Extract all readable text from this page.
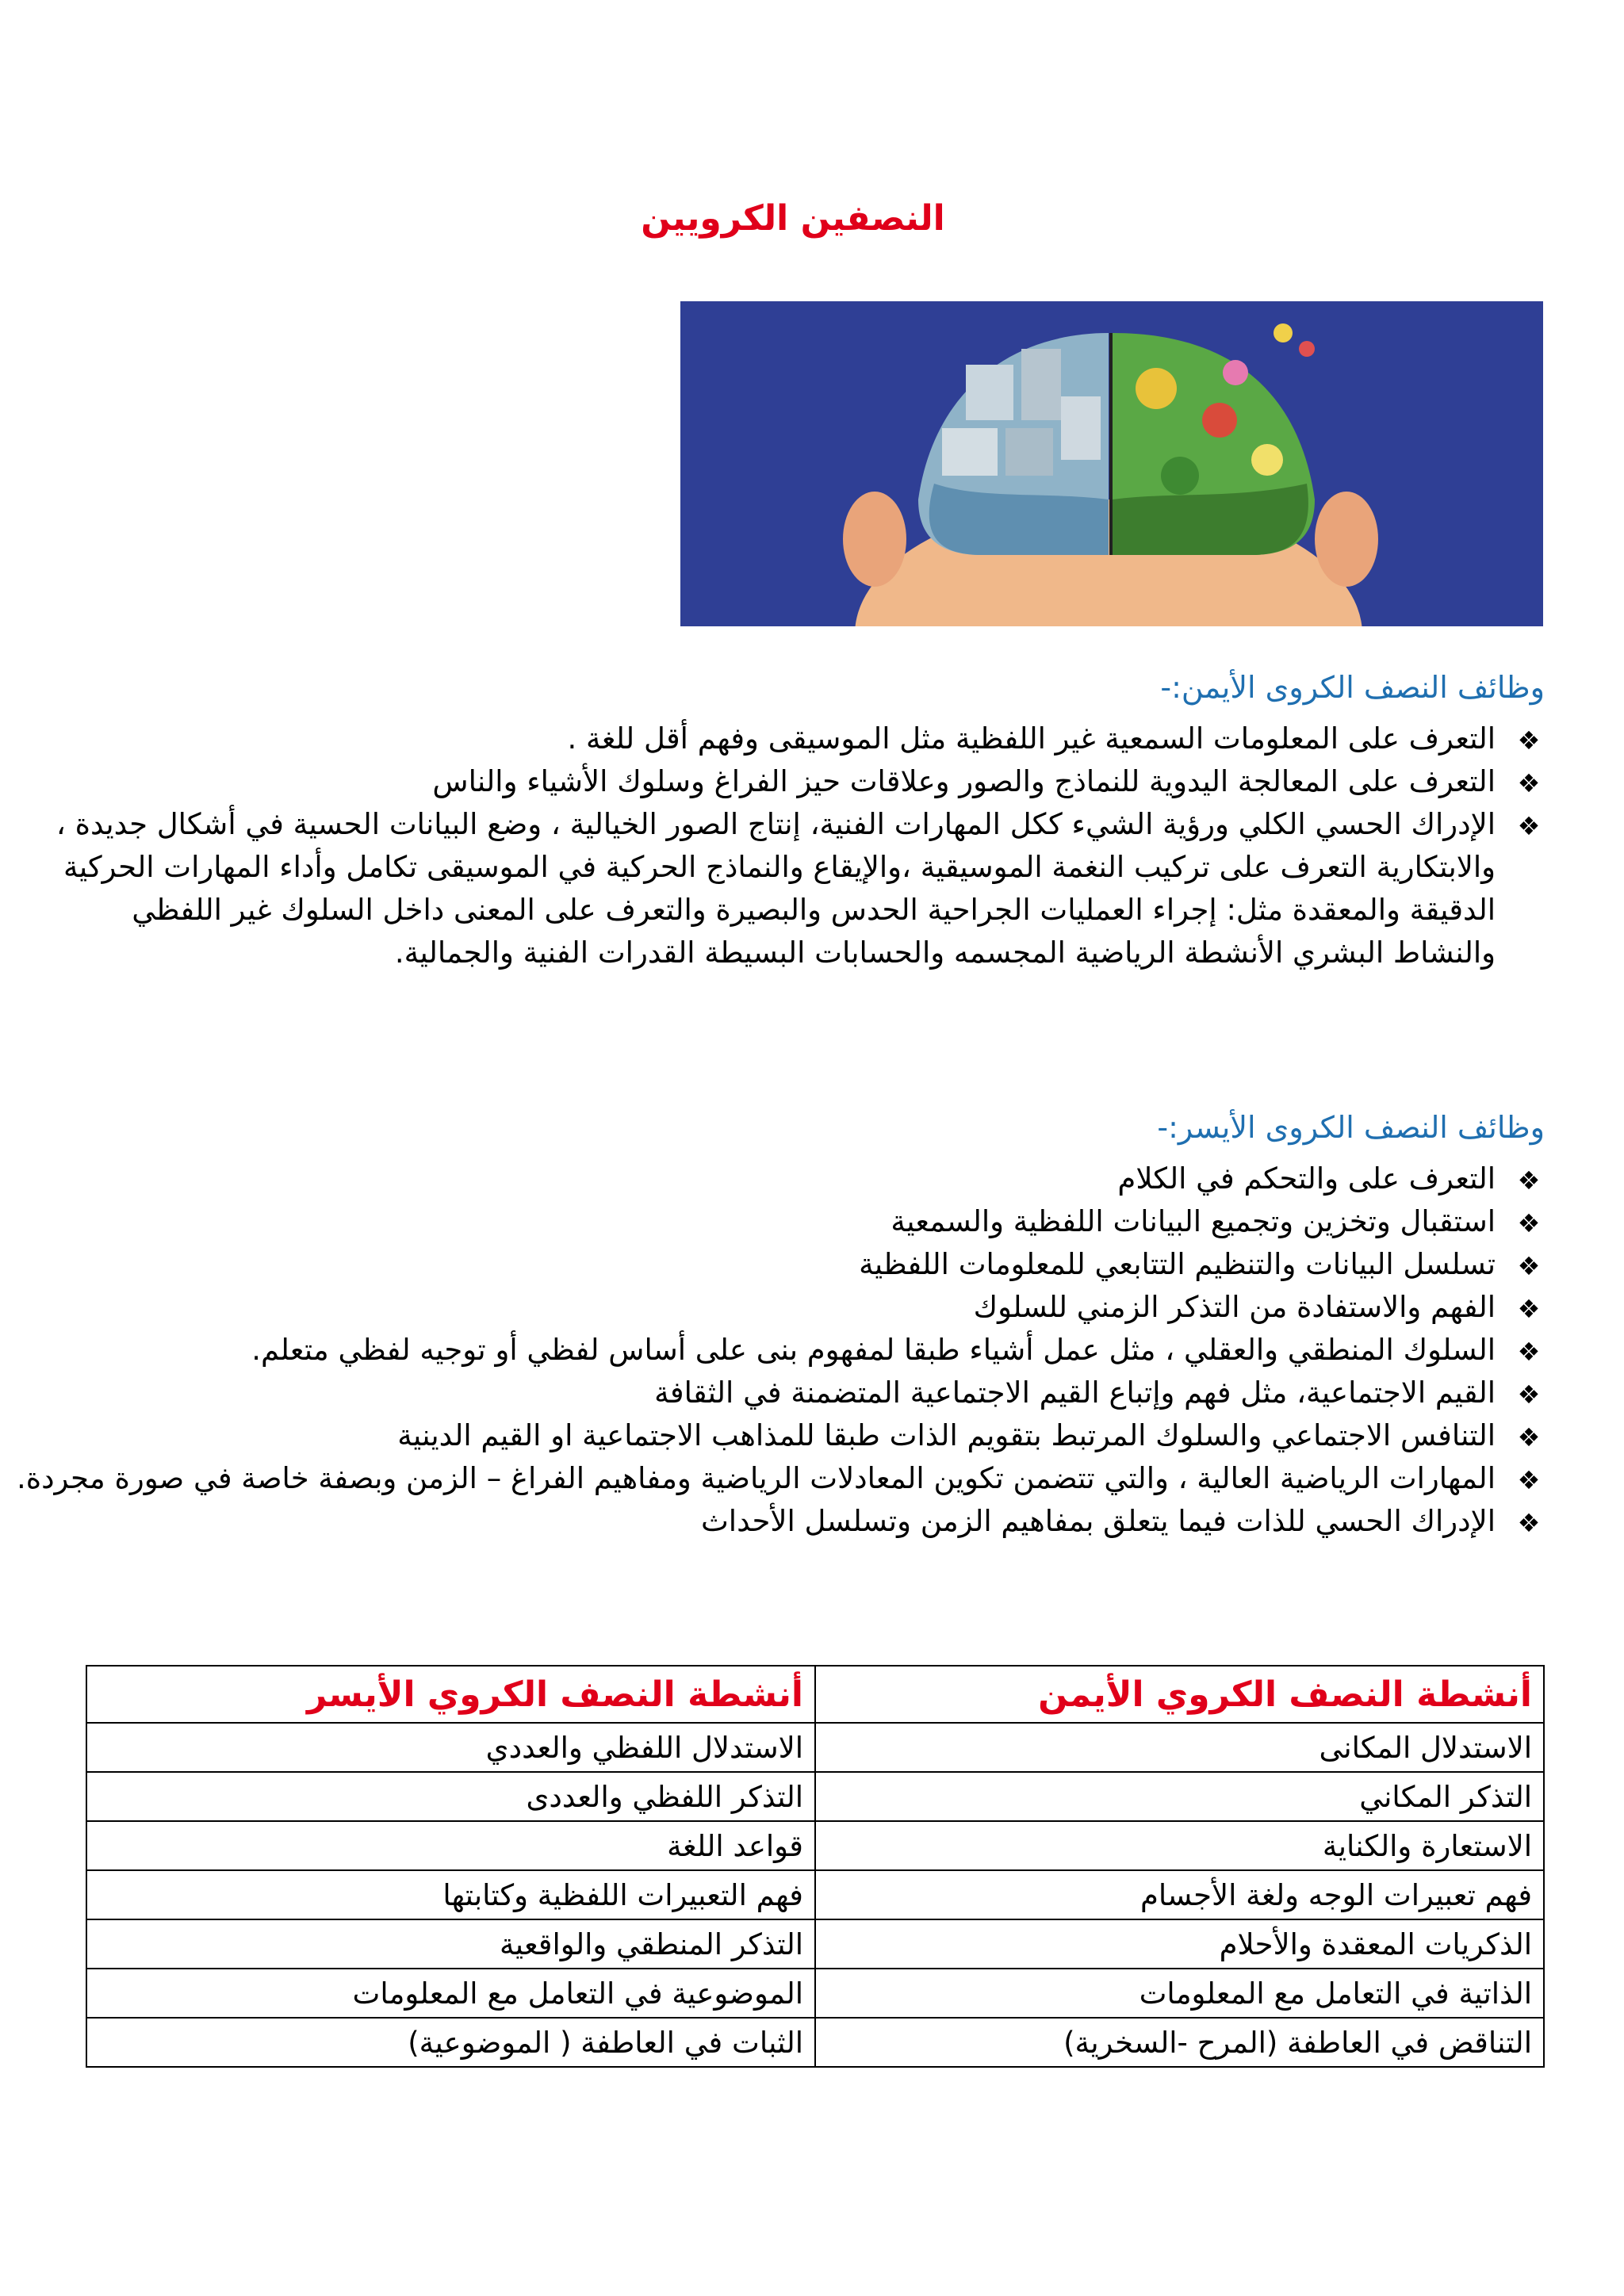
النصفين الكرويين
وظائف النصف الكروى الأيمن:-
❖
التعرف على المعلومات السمعية غير اللفظية مثل الموسيقى وفهم أقل للغة .
❖
التعرف على المعالجة اليدوية للنماذج والصور وعلاقات حيز الفراغ وسلوك الأشياء والناس
❖
الإدراك الحسي الكلي ورؤية الشيء ككل المهارات الفنية، إنتاج الصور الخيالية ، وضع البيانات الحسية في أشكال جديدة ، والابتكارية التعرف على تركيب النغمة الموسيقية ،والإيقاع والنماذج الحركية في الموسيقى تكامل وأداء المهارات الحركية الدقيقة والمعقدة مثل: إجراء العمليات الجراحية الحدس والبصيرة والتعرف على المعنى داخل السلوك غير اللفظي والنشاط البشري الأنشطة الرياضية المجسمه والحسابات البسيطة القدرات الفنية والجمالية.
وظائف النصف الكروى الأيسر:-
❖
التعرف على والتحكم في الكلام
❖
استقبال وتخزين وتجميع البيانات اللفظية والسمعية
❖
تسلسل البيانات والتنظيم التتابعي للمعلومات اللفظية
❖
الفهم والاستفادة من التذكر الزمني للسلوك
❖
السلوك المنطقي والعقلي ، مثل عمل أشياء طبقا لمفهوم بنى على أساس لفظي أو توجيه لفظي متعلم.
❖
القيم الاجتماعية، مثل فهم وإتباع القيم الاجتماعية المتضمنة في الثقافة
❖
التنافس الاجتماعي والسلوك المرتبط بتقويم الذات طبقا للمذاهب الاجتماعية او القيم الدينية
❖
المهارات الرياضية العالية ، والتي تتضمن تكوين المعادلات الرياضية ومفاهيم الفراغ – الزمن وبصفة خاصة في صورة مجردة.
❖
الإدراك الحسي للذات فيما يتعلق بمفاهيم الزمن وتسلسل الأحداث
أنشطة النصف الكروي الأيمن	أنشطة النصف الكروي الأيسر
الاستدلال المكانى	الاستدلال اللفظي والعددي
التذكر المكاني	التذكر اللفظي والعددى
الاستعارة والكناية	قواعد اللغة
فهم تعبيرات الوجه ولغة الأجسام	فهم التعبيرات اللفظية وكتابتها
الذكريات المعقدة والأحلام	التذكر المنطقي والواقعية
الذاتية في التعامل مع المعلومات	الموضوعية في التعامل مع المعلومات
التناقض في العاطفة (المرح -السخرية)	الثبات في العاطفة ( الموضوعية)
